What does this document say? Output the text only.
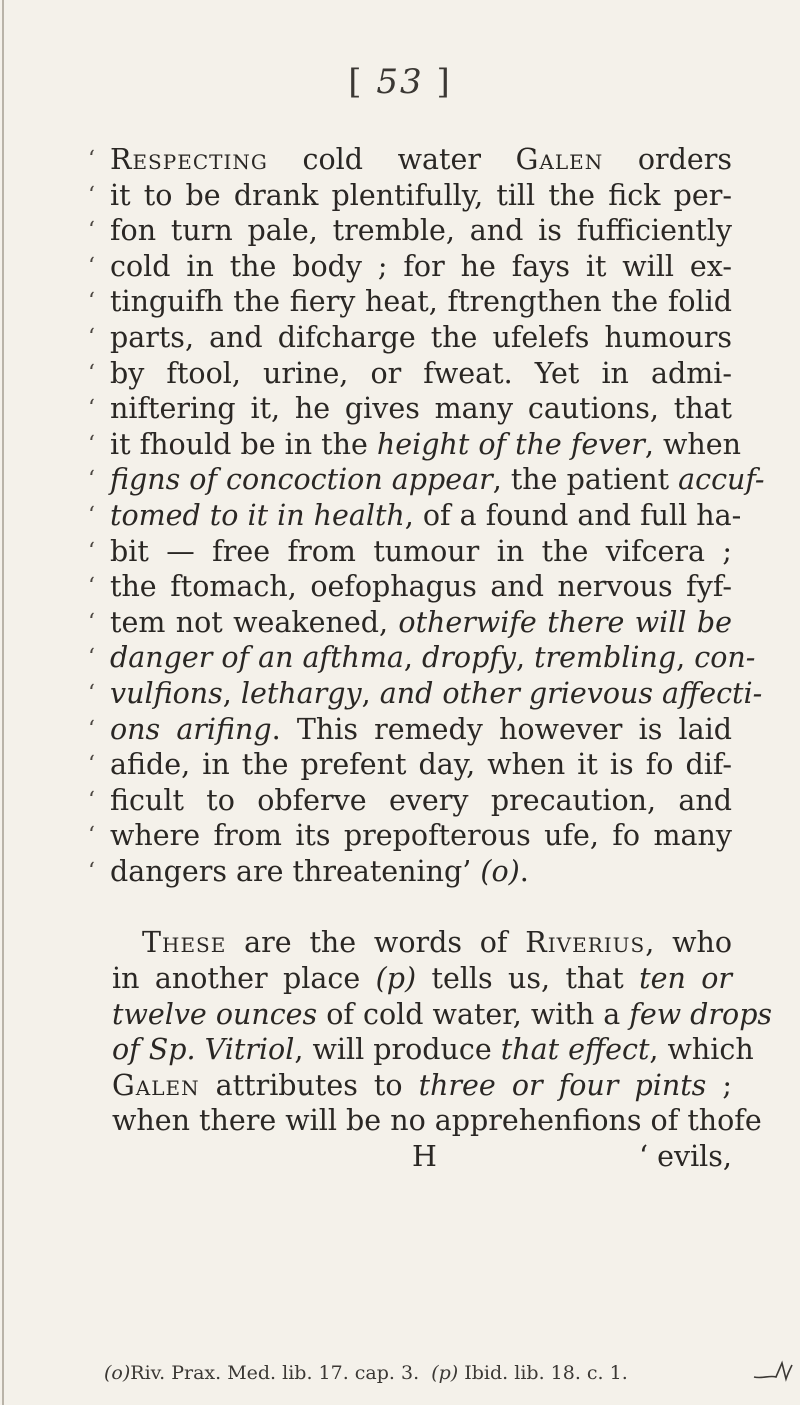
[ 53 ]
‘ Respecting cold water Galen orders
‘ it to be drank plentifully, till the fick per-
‘ fon turn pale, tremble, and is fufficiently
‘ cold in the body ; for he fays it will ex-
‘ tinguifh the fiery heat, ftrengthen the folid
‘ parts, and difcharge the ufelefs humours
‘ by ftool, urine, or fweat. Yet in admi-
‘ niftering it, he gives many cautions, that
‘ it fhould be in the height of the fever, when
‘ figns of concoction appear, the patient accuf-
‘ tomed to it in health, of a found and full ha-
‘ bit — free from tumour in the vifcera ;
‘ the ftomach, oefophagus and nervous fyf-
‘ tem not weakened, otherwife there will be
‘ danger of an afthma, dropfy, trembling, con-
‘ vulfions, lethargy, and other grievous affecti-
‘ ons arifing. This remedy however is laid
‘ afide, in the prefent day, when it is fo dif-
‘ ficult to obferve every precaution, and
‘ where from its prepofterous ufe, fo many
‘ dangers are threatening’ (o).
These are the words of Riverius, who
in another place (p) tells us, that ten or
twelve ounces of cold water, with a few drops
of Sp. Vitriol, will produce that effect, which
Galen attributes to three or four pints ;
when there will be no apprehenfions of thofe
H	‘ evils,
(o)Riv. Prax. Med. lib. 17. cap. 3. (p) Ibid. lib. 18. c. 1.
